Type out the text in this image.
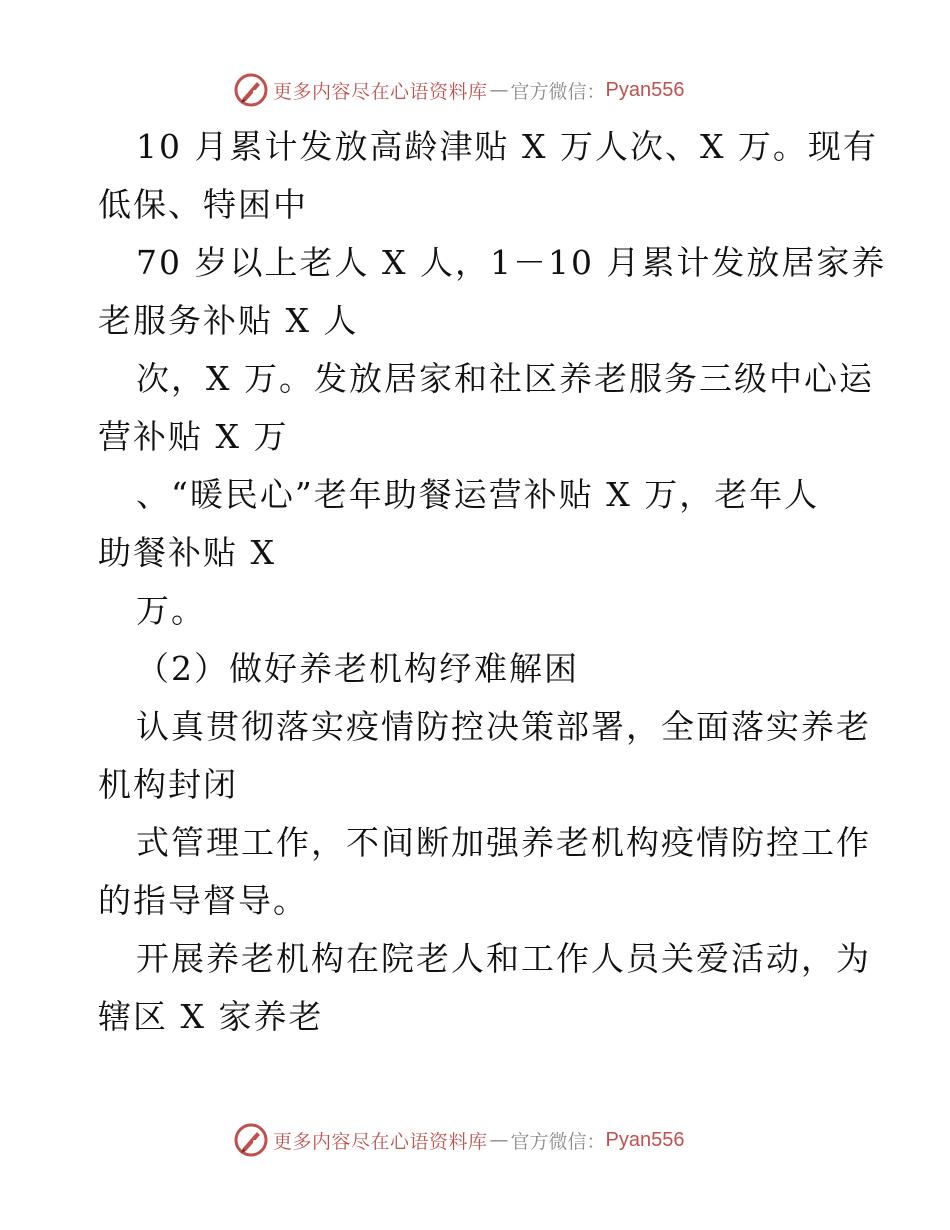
更多内容尽在心语资料库 — 官方微信： Pyan556
10 月累计发放高龄津贴 X 万人次、X 万。现有
低保、特困中
70 岁以上老人 X 人，1－10 月累计发放居家养
老服务补贴 X 人
次，X 万。发放居家和社区养老服务三级中心运
营补贴 X 万
、“暖民心”老年助餐运营补贴 X 万，老年人
助餐补贴 X
万。
（2）做好养老机构纾难解困
认真贯彻落实疫情防控决策部署，全面落实养老
机构封闭
式管理工作，不间断加强养老机构疫情防控工作
的指导督导。
开展养老机构在院老人和工作人员关爱活动，为
辖区 X 家养老
更多内容尽在心语资料库 — 官方微信： Pyan556
